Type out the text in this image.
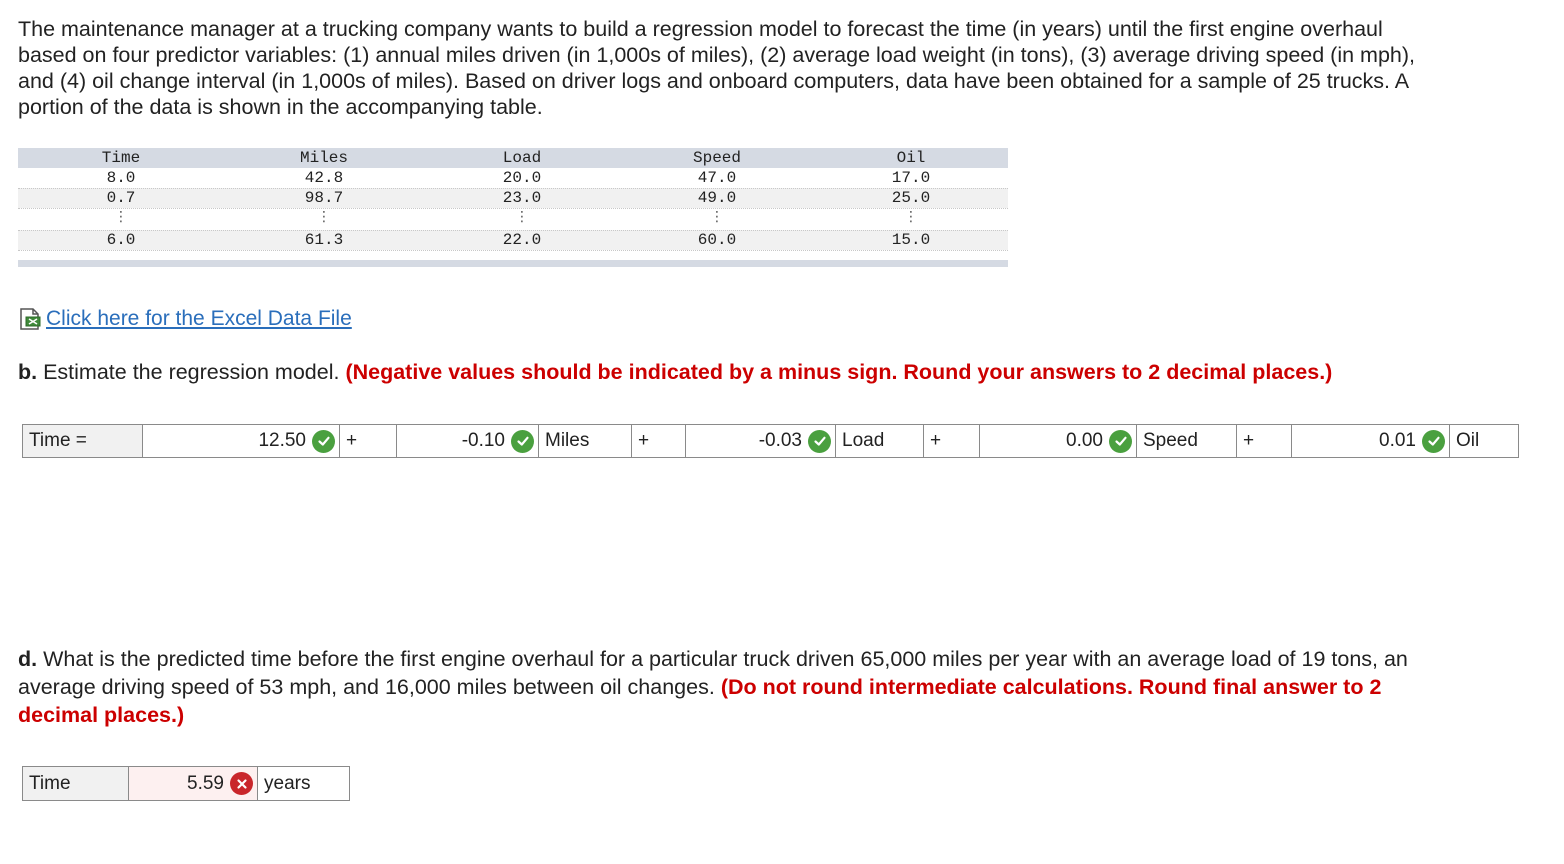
The maintenance manager at a trucking company wants to build a regression model to forecast the time (in years) until the first engine overhaul based on four predictor variables: (1) annual miles driven (in 1,000s of miles), (2) average load weight (in tons), (3) average driving speed (in mph), and (4) oil change interval (in 1,000s of miles). Based on driver logs and onboard computers, data have been obtained for a sample of 25 trucks. A portion of the data is shown in the accompanying table.
Time	Miles	Load	Speed	Oil
8.0	42.8	20.0	47.0	17.0
0.7	98.7	23.0	49.0	25.0
⋮	⋮	⋮	⋮	⋮
6.0	61.3	22.0	60.0	15.0
Click here for the Excel Data File
b. Estimate the regression model. (Negative values should be indicated by a minus sign. Round your answers to 2 decimal places.)
Time =	12.50	+	-0.10	Miles	+	-0.03	Load	+	0.00	Speed	+	0.01	Oil
d. What is the predicted time before the first engine overhaul for a particular truck driven 65,000 miles per year with an average load of 19 tons, an average driving speed of 53 mph, and 16,000 miles between oil changes. (Do not round intermediate calculations. Round final answer to 2 decimal places.)
Time	5.59	years
